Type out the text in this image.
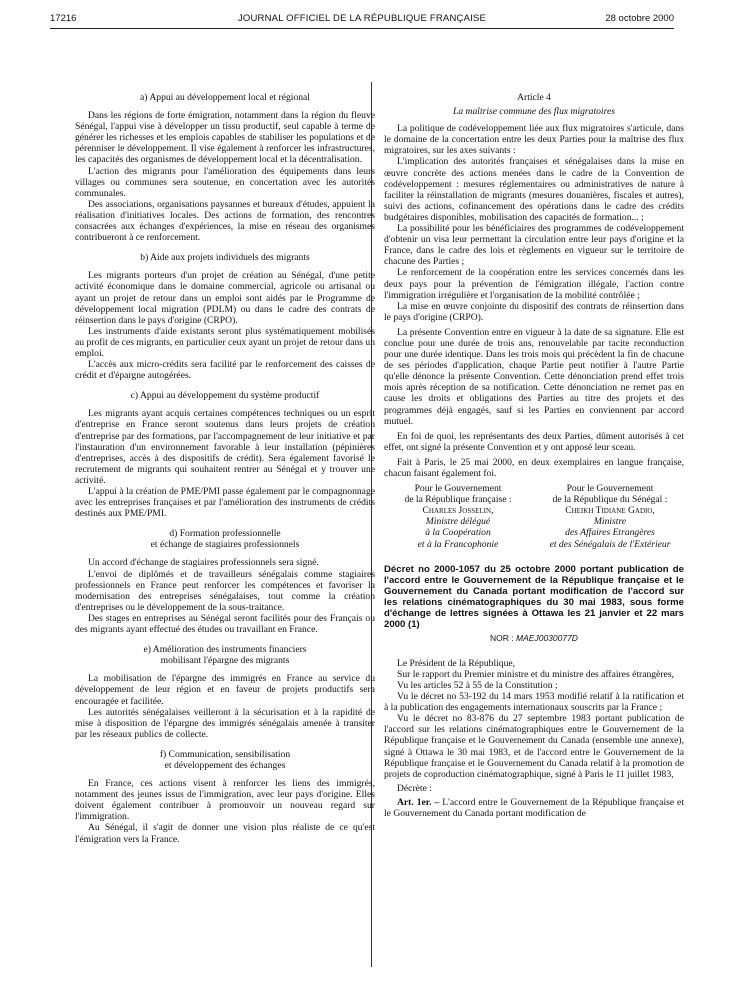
17216	JOURNAL OFFICIEL DE LA RÉPUBLIQUE FRANÇAISE	28 octobre 2000
a) Appui au développement local et régional

Dans les régions de forte émigration, notamment dans la région du fleuve Sénégal, l'appui vise à développer un tissu productif, seul capable à terme de générer les richesses et les emplois capables de stabiliser les populations et de pérenniser le développement. Il vise également à renforcer les infrastructures, les capacités des organismes de développement local et la décentralisation.

L'action des migrants pour l'amélioration des équipements dans leurs villages ou communes sera soutenue, en concertation avec les autorités communales.

Des associations, organisations paysannes et bureaux d'études, appuient la réalisation d'initiatives locales. Des actions de formation, des rencontres consacrées aux échanges d'expériences, la mise en réseau des organismes contribueront à ce renforcement.

b) Aide aux projets individuels des migrants

Les migrants porteurs d'un projet de création au Sénégal, d'une petite activité économique dans le domaine commercial, agricole ou artisanal ou ayant un projet de retour dans un emploi sont aidés par le Programme de développement local migration (PDLM) ou dans le cadre des contrats de réinsertion dans le pays d'origine (CRPO).

Les instruments d'aide existants seront plus systématiquement mobilisés au profit de ces migrants, en particulier ceux ayant un projet de retour dans un emploi.

L'accès aux micro-crédits sera facilité par le renforcement des caisses de crédit et d'épargne autogérées.

c) Appui au développement du système productif

Les migrants ayant acquis certaines compétences techniques ou un esprit d'entreprise en France seront soutenus dans leurs projets de création d'entreprise par des formations, par l'accompagnement de leur initiative et par l'instauration d'un environnement favorable à leur installation (pépinières d'entreprises, accès à des dispositifs de crédit). Sera également favorisé le recrutement de migrants qui souhaitent rentrer au Sénégal et y trouver une activité.

L'appui à la création de PME/PMI passe également par le compagnonnage avec les entreprises françaises et par l'amélioration des instruments de crédits destinés aux PME/PMI.

d) Formation professionnelle
et échange de stagiaires professionnels

Un accord d'échange de stagiaires professionnels sera signé.

L'envoi de diplômés et de travailleurs sénégalais comme stagiaires professionnels en France peut renforcer les compétences et favoriser la modernisation des entreprises sénégalaises, tout comme la création d'entreprises ou le développement de la sous-traitance.

Des stages en entreprises au Sénégal seront facilités pour des Français ou des migrants ayant effectué des études ou travaillant en France.

e) Amélioration des instruments financiers
mobilisant l'épargne des migrants

La mobilisation de l'épargne des immigrés en France au service du développement de leur région et en faveur de projets productifs sera encouragée et facilitée.

Les autorités sénégalaises veilleront à la sécurisation et à la rapidité de mise à disposition de l'épargne des immigrés sénégalais amenée à transiter par les réseaux publics de collecte.

f) Communication, sensibilisation
et développement des échanges

En France, ces actions visent à renforcer les liens des immigrés, notamment des jeunes issus de l'immigration, avec leur pays d'origine. Elles doivent également contribuer à promouvoir un nouveau regard sur l'immigration.

Au Sénégal, il s'agit de donner une vision plus réaliste de ce qu'est l'émigration vers la France.

Article 4
La maîtrise commune des flux migratoires

La politique de codéveloppement liée aux flux migratoires s'articule, dans le domaine de la concertation entre les deux Parties pour la maîtrise des flux migratoires, sur les axes suivants :

L'implication des autorités françaises et sénégalaises dans la mise en œuvre concrète des actions menées dans le cadre de la Convention de codéveloppement : mesures réglementaires ou administratives de nature à faciliter la réinstallation de migrants (mesures douanières, fiscales et autres), suivi des actions, cofinancement des opérations dans le cadre des crédits budgétaires disponibles, mobilisation des capacités de formation... ;

La possibilité pour les bénéficiaires des programmes de codéveloppement d'obtenir un visa leur permettant la circulation entre leur pays d'origine et la France, dans le cadre des lois et règlements en vigueur sur le territoire de chacune des Parties ;

Le renforcement de la coopération entre les services concernés dans les deux pays pour la prévention de l'émigration illégale, l'action contre l'immigration irrégulière et l'organisation de la mobilité contrôlée ;

La mise en œuvre conjointe du dispositif des contrats de réinsertion dans le pays d'origine (CRPO).

La présente Convention entre en vigueur à la date de sa signature. Elle est conclue pour une durée de trois ans, renouvelable par tacite reconduction pour une durée identique. Dans les trois mois qui précèdent la fin de chacune de ses périodes d'application, chaque Partie peut notifier à l'autre Partie qu'elle dénonce la présente Convention. Cette dénonciation prend effet trois mois après réception de sa notification. Cette dénonciation ne remet pas en cause les droits et obligations des Parties au titre des projets et des programmes déjà engagés, sauf si les Parties en conviennent par accord mutuel.

En foi de quoi, les représentants des deux Parties, dûment autorisés à cet effet, ont signé la présente Convention et y ont apposé leur sceau.

Fait à Paris, le 25 mai 2000, en deux exemplaires en langue française, chacun faisant également foi.

Pour le Gouvernement
de la République française :
Charles Josselin,
Ministre délégué
à la Coopération
et à la Francophonie
Pour le Gouvernement
de la République du Sénégal :
Cheikh Tidiane Gadio,
Ministre
des Affaires Etrangères
et des Sénégalais de l'Extérieur
Décret no 2000-1057 du 25 octobre 2000 portant publication de l'accord entre le Gouvernement de la République française et le Gouvernement du Canada portant modification de l'accord sur les relations cinématographiques du 30 mai 1983, sous forme d'échange de lettres signées à Ottawa les 21 janvier et 22 mars 2000 (1)
NOR : MAEJ0030077D

Le Président de la République,

Sur le rapport du Premier ministre et du ministre des affaires étrangères,

Vu les articles 52 à 55 de la Constitution ;

Vu le décret no 53-192 du 14 mars 1953 modifié relatif à la ratification et à la publication des engagements internationaux souscrits par la France ;

Vu le décret no 83-876 du 27 septembre 1983 portant publication de l'accord sur les relations cinématographiques entre le Gouvernement de la République française et le Gouvernement du Canada (ensemble une annexe), signé à Ottawa le 30 mai 1983, et de l'accord entre le Gouvernement de la République française et le Gouvernement du Canada relatif à la promotion de projets de coproduction cinématographique, signé à Paris le 11 juillet 1983,

Décrète :

Art. 1er. – L'accord entre le Gouvernement de la République française et le Gouvernement du Canada portant modification de
